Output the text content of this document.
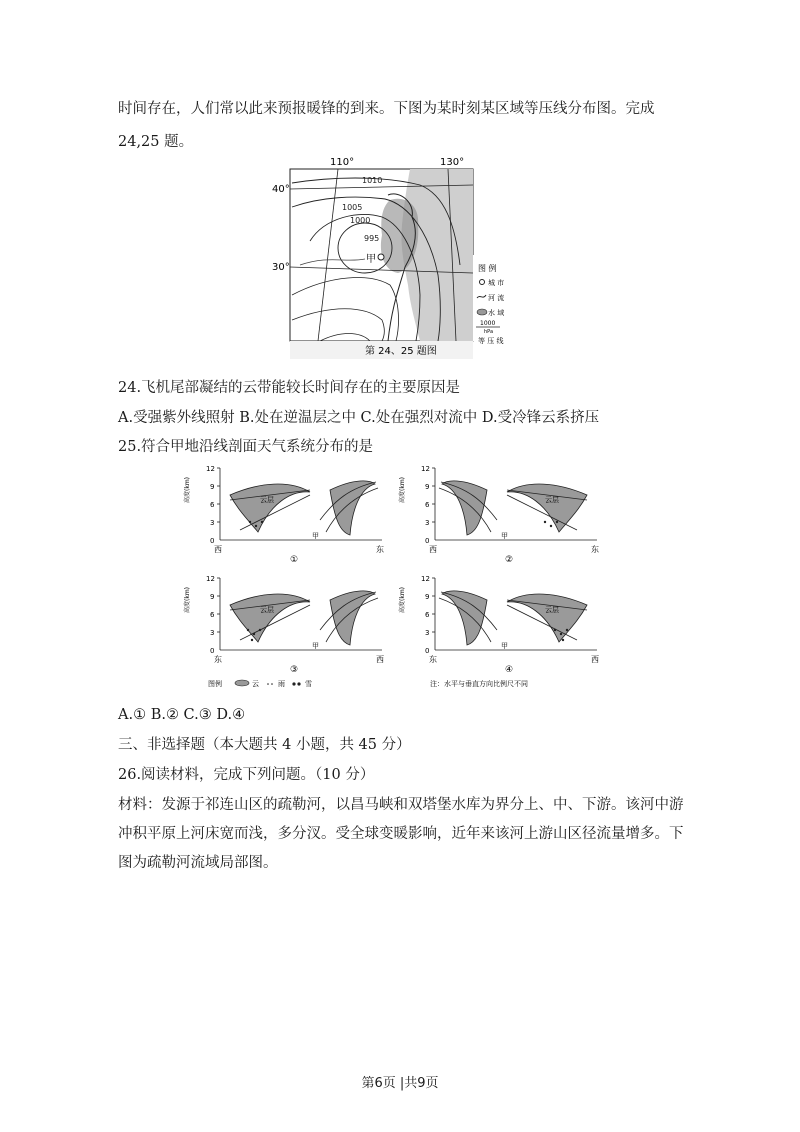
时间存在，人们常以此来预报暖锋的到来。下图为某时刻某区域等压线分布图。完成
24,25 题。
110°	130°
40°
30°
1010
1005
1000
995
甲
图 例
城 市
河 流
水 域
1000
hPa
等 压 线
第 24、25 题图
24.飞机尾部凝结的云带能较长时间存在的主要原因是
A.受强紫外线照射 B.处在逆温层之中 C.处在强烈对流中 D.受冷锋云系挤压
25.符合甲地沿线剖面天气系统分布的是
12
9
6
3
0
高度(km)	云层
甲
西	东
①
12
9
6
3
0
高度(km)	云层
甲
西	东
②
12
9
6
3
0
高度(km)	云层
甲
东	西
③
12
9
6
3
0
高度(km)	云层
甲
东	西
④
图例	云	雨	雪	注：水平与垂直方向比例尺不同
A.① B.② C.③ D.④
三、非选择题（本大题共 4 小题，共 45 分）
26.阅读材料，完成下列问题。（10 分）
材料：发源于祁连山区的疏勒河，以昌马峡和双塔堡水库为界分上、中、下游。该河中游
冲积平原上河床宽而浅，多分汊。受全球变暖影响，近年来该河上游山区径流量增多。下
图为疏勒河流域局部图。
第6页 |共9页
